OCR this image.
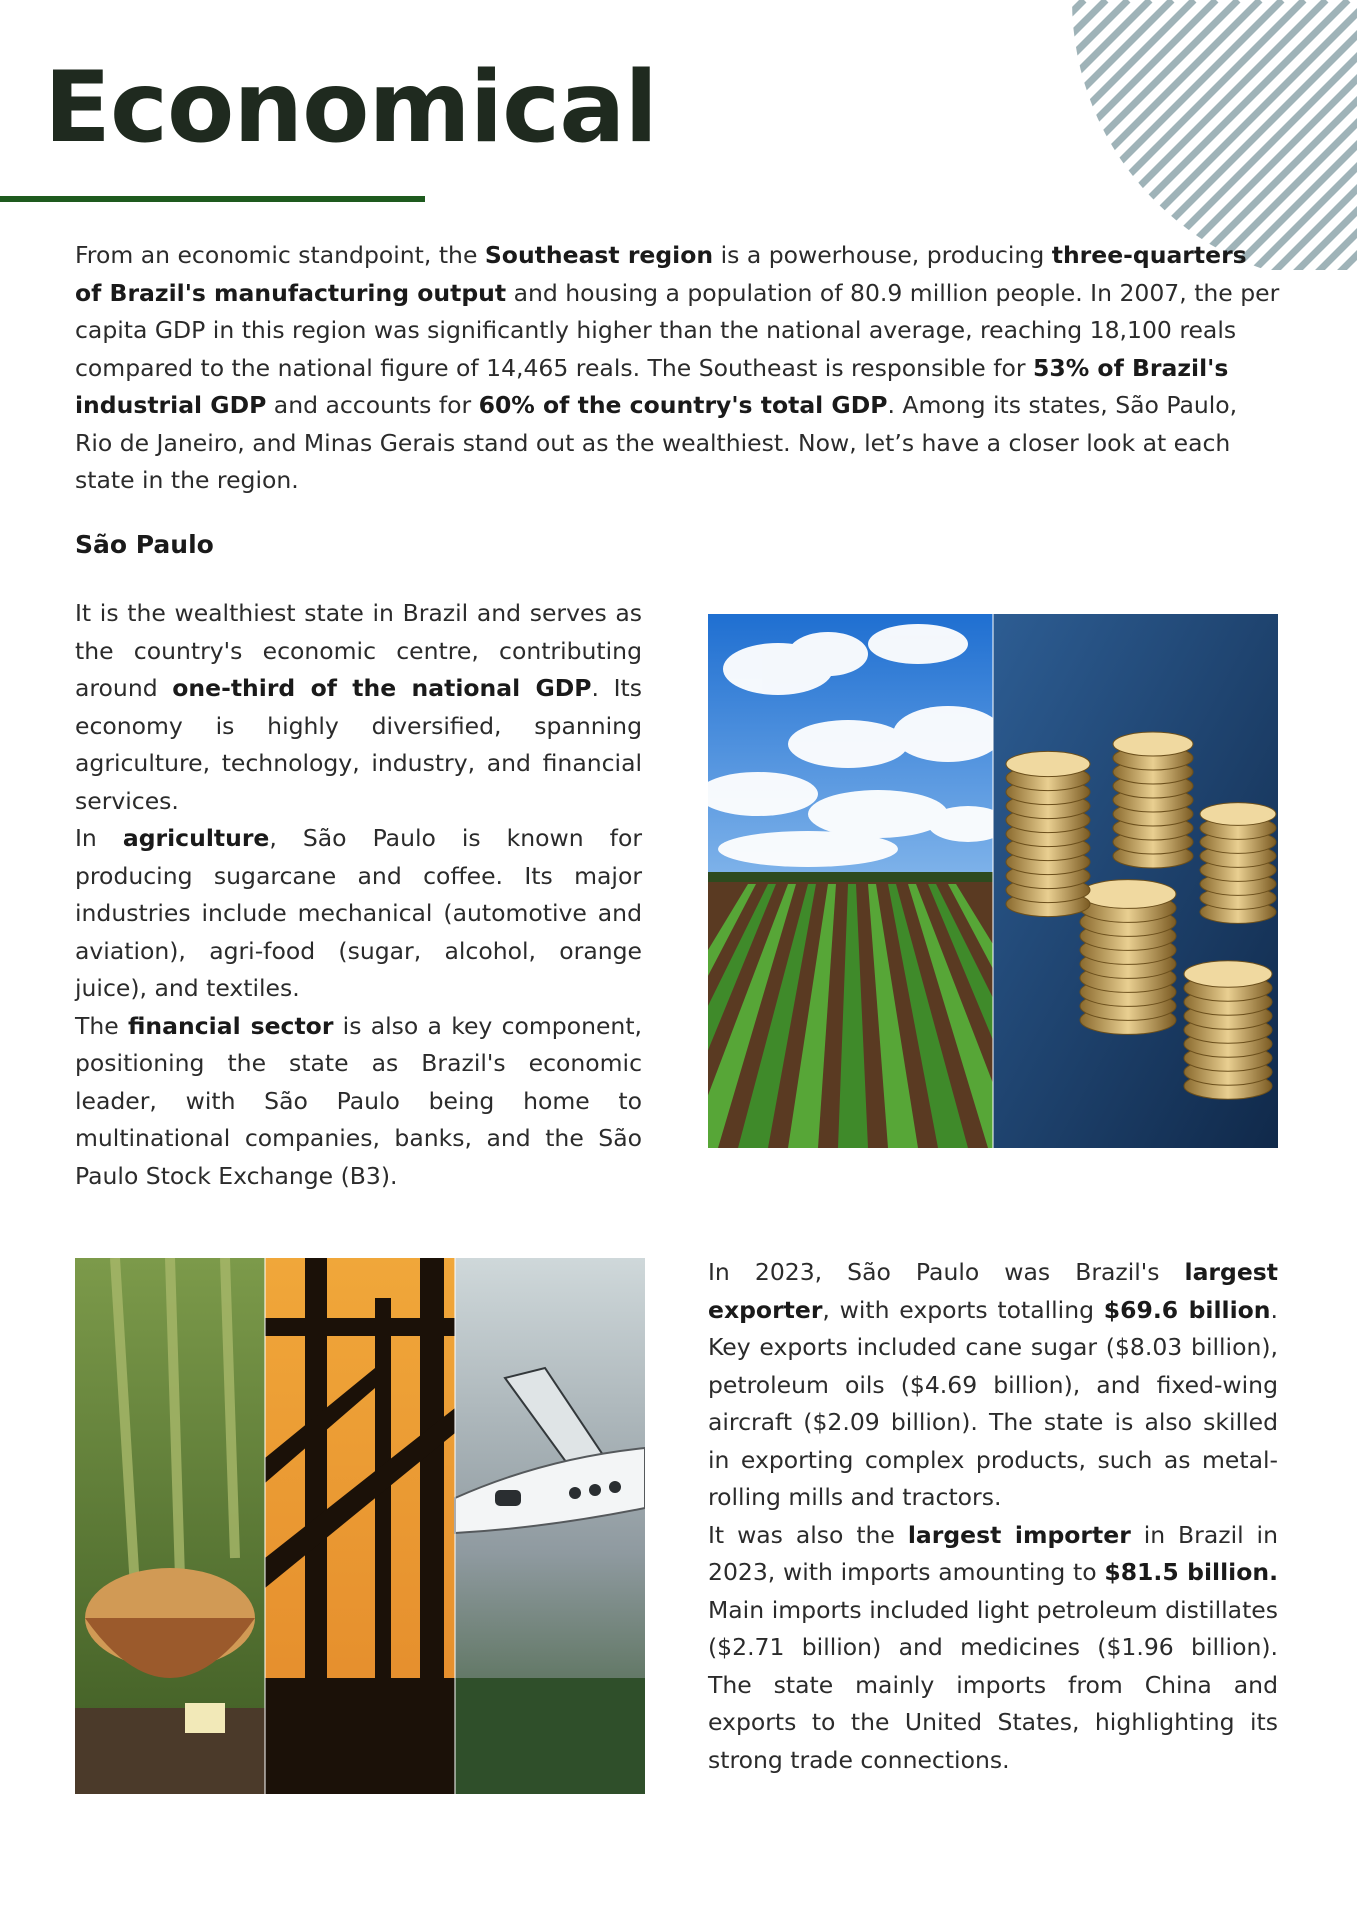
Economical

From an economic standpoint, the Southeast region is a powerhouse, producing three-quarters of Brazil's manufacturing output and housing a population of 80.9 million people. In 2007, the per capita GDP in this region was significantly higher than the national average, reaching 18,100 reals compared to the national figure of 14,465 reals. The Southeast is responsible for 53% of Brazil's industrial GDP and accounts for 60% of the country's total GDP. Among its states, São Paulo, Rio de Janeiro, and Minas Gerais stand out as the wealthiest. Now, let’s have a closer look at each state in the region.

São Paulo

It is the wealthiest state in Brazil and serves as the country's economic centre, contributing around one-third of the national GDP. Its economy is highly diversified, spanning agriculture, technology, industry, and financial services.

In agriculture, São Paulo is known for producing sugarcane and coffee. Its major industries include mechanical (automotive and aviation), agri-food (sugar, alcohol, orange juice), and textiles.

The financial sector is also a key component, positioning the state as Brazil's economic leader, with São Paulo being home to multinational companies, banks, and the São Paulo Stock Exchange (B3).

In 2023, São Paulo was Brazil's largest exporter, with exports totalling $69.6 billion. Key exports included cane sugar ($8.03 billion), petroleum oils ($4.69 billion), and fixed-wing aircraft ($2.09 billion). The state is also skilled in exporting complex products, such as metal-rolling mills and tractors.

It was also the largest importer in Brazil in 2023, with imports amounting to $81.5 billion. Main imports included light petroleum distillates ($2.71 billion) and medicines ($1.96 billion). The state mainly imports from China and exports to the United States, highlighting its strong trade connections.
